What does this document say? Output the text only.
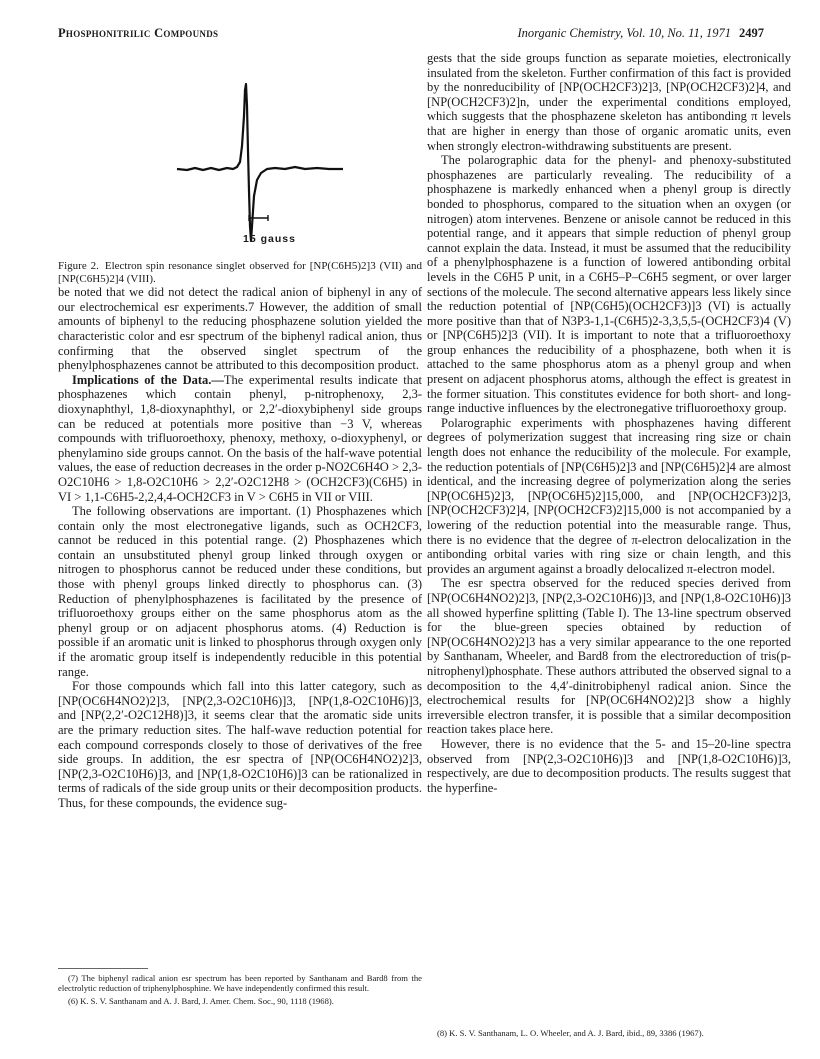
Phosphonitrilic Compounds	Inorganic Chemistry, Vol. 10, No. 11, 1971 2497
15 gauss

Figure 2. Electron spin resonance singlet observed for [NP(C6H5)2]3 (VII) and [NP(C6H5)2]4 (VIII).

be noted that we did not detect the radical anion of biphenyl in any of our electrochemical esr experiments.7 However, the addition of small amounts of biphenyl to the reducing phosphazene solution yielded the characteristic color and esr spectrum of the biphenyl radical anion, thus confirming that the observed singlet spectrum of the phenylphosphazenes cannot be attributed to this decomposition product.

Implications of the Data.—The experimental results indicate that phosphazenes which contain phenyl, p-nitrophenoxy, 2,3-dioxynaphthyl, 1,8-dioxynaphthyl, or 2,2′-dioxybiphenyl side groups can be reduced at potentials more positive than −3 V, whereas compounds with trifluoroethoxy, phenoxy, methoxy, o-dioxyphenyl, or phenylamino side groups cannot. On the basis of the half-wave potential values, the ease of reduction decreases in the order p-NO2C6H4O > 2,3-O2C10H6 > 1,8-O2C10H6 > 2,2′-O2C12H8 > (OCH2CF3)(C6H5) in VI > 1,1-C6H5-2,2,4,4-OCH2CF3 in V > C6H5 in VII or VIII.

The following observations are important. (1) Phosphazenes which contain only the most electronegative ligands, such as OCH2CF3, cannot be reduced in this potential range. (2) Phosphazenes which contain an unsubstituted phenyl group linked through oxygen or nitrogen to phosphorus cannot be reduced under these conditions, but those with phenyl groups linked directly to phosphorus can. (3) Reduction of phenylphosphazenes is facilitated by the presence of trifluoroethoxy groups either on the same phosphorus atom as the phenyl group or on adjacent phosphorus atoms. (4) Reduction is possible if an aromatic unit is linked to phosphorus through oxygen only if the aromatic group itself is independently reducible in this potential range.

For those compounds which fall into this latter category, such as [NP(OC6H4NO2)2]3, [NP(2,3-O2C10H6)]3, [NP(1,8-O2C10H6)]3, and [NP(2,2′-O2C12H8)]3, it seems clear that the aromatic side units are the primary reduction sites. The half-wave reduction potential for each compound corresponds closely to those of derivatives of the free side groups. In addition, the esr spectra of [NP(OC6H4NO2)2]3, [NP(2,3-O2C10H6)]3, and [NP(1,8-O2C10H6)]3 can be rationalized in terms of radicals of the side group units or their decomposition products. Thus, for these compounds, the evidence sug-

(7) The biphenyl radical anion esr spectrum has been reported by Santhanam and Bard8 from the electrolytic reduction of triphenylphosphine. We have independently confirmed this result.

(6) K. S. V. Santhanam and A. J. Bard, J. Amer. Chem. Soc., 90, 1118 (1968).

gests that the side groups function as separate moieties, electronically insulated from the skeleton. Further confirmation of this fact is provided by the nonreducibility of [NP(OCH2CF3)2]3, [NP(OCH2CF3)2]4, and [NP(OCH2CF3)2]n, under the experimental conditions employed, which suggests that the phosphazene skeleton has antibonding π levels that are higher in energy than those of organic aromatic units, even when strongly electron-withdrawing substituents are present.

The polarographic data for the phenyl- and phenoxy-substituted phosphazenes are particularly revealing. The reducibility of a phosphazene is markedly enhanced when a phenyl group is directly bonded to phosphorus, compared to the situation when an oxygen (or nitrogen) atom intervenes. Benzene or anisole cannot be reduced in this potential range, and it appears that simple reduction of phenyl group cannot explain the data. Instead, it must be assumed that the reducibility of a phenylphosphazene is a function of lowered antibonding orbital levels in the C6H5 P unit, in a C6H5–P–C6H5 segment, or over larger sections of the molecule. The second alternative appears less likely since the reduction potential of [NP(C6H5)(OCH2CF3)]3 (VI) is actually more positive than that of N3P3-1,1-(C6H5)2-3,3,5,5-(OCH2CF3)4 (V) or [NP(C6H5)2]3 (VII). It is important to note that a trifluoroethoxy group enhances the reducibility of a phosphazene, both when it is attached to the same phosphorus atom as a phenyl group and when present on adjacent phosphorus atoms, although the effect is greatest in the former situation. This constitutes evidence for both short- and long-range inductive influences by the electronegative trifluoroethoxy group.

Polarographic experiments with phosphazenes having different degrees of polymerization suggest that increasing ring size or chain length does not enhance the reducibility of the molecule. For example, the reduction potentials of [NP(C6H5)2]3 and [NP(C6H5)2]4 are almost identical, and the increasing degree of polymerization along the series [NP(OC6H5)2]3, [NP(OC6H5)2]15,000, and [NP(OCH2CF3)2]3, [NP(OCH2CF3)2]4, [NP(OCH2CF3)2]15,000 is not accompanied by a lowering of the reduction potential into the measurable range. Thus, there is no evidence that the degree of π-electron delocalization in the antibonding orbital varies with ring size or chain length, and this provides an argument against a broadly delocalized π-electron model.

The esr spectra observed for the reduced species derived from [NP(OC6H4NO2)2]3, [NP(2,3-O2C10H6)]3, and [NP(1,8-O2C10H6)]3 all showed hyperfine splitting (Table I). The 13-line spectrum observed for the blue-green species obtained by reduction of [NP(OC6H4NO2)2]3 has a very similar appearance to the one reported by Santhanam, Wheeler, and Bard8 from the electroreduction of tris(p-nitrophenyl)phosphate. These authors attributed the observed signal to a decomposition to the 4,4′-dinitrobiphenyl radical anion. Since the electrochemical results for [NP(OC6H4NO2)2]3 show a highly irreversible electron transfer, it is possible that a similar decomposition reaction takes place here.

However, there is no evidence that the 5- and 15–20-line spectra observed from [NP(2,3-O2C10H6)]3 and [NP(1,8-O2C10H6)]3, respectively, are due to decomposition products. The results suggest that the hyperfine-

(8) K. S. V. Santhanam, L. O. Wheeler, and A. J. Bard, ibid., 89, 3386 (1967).
